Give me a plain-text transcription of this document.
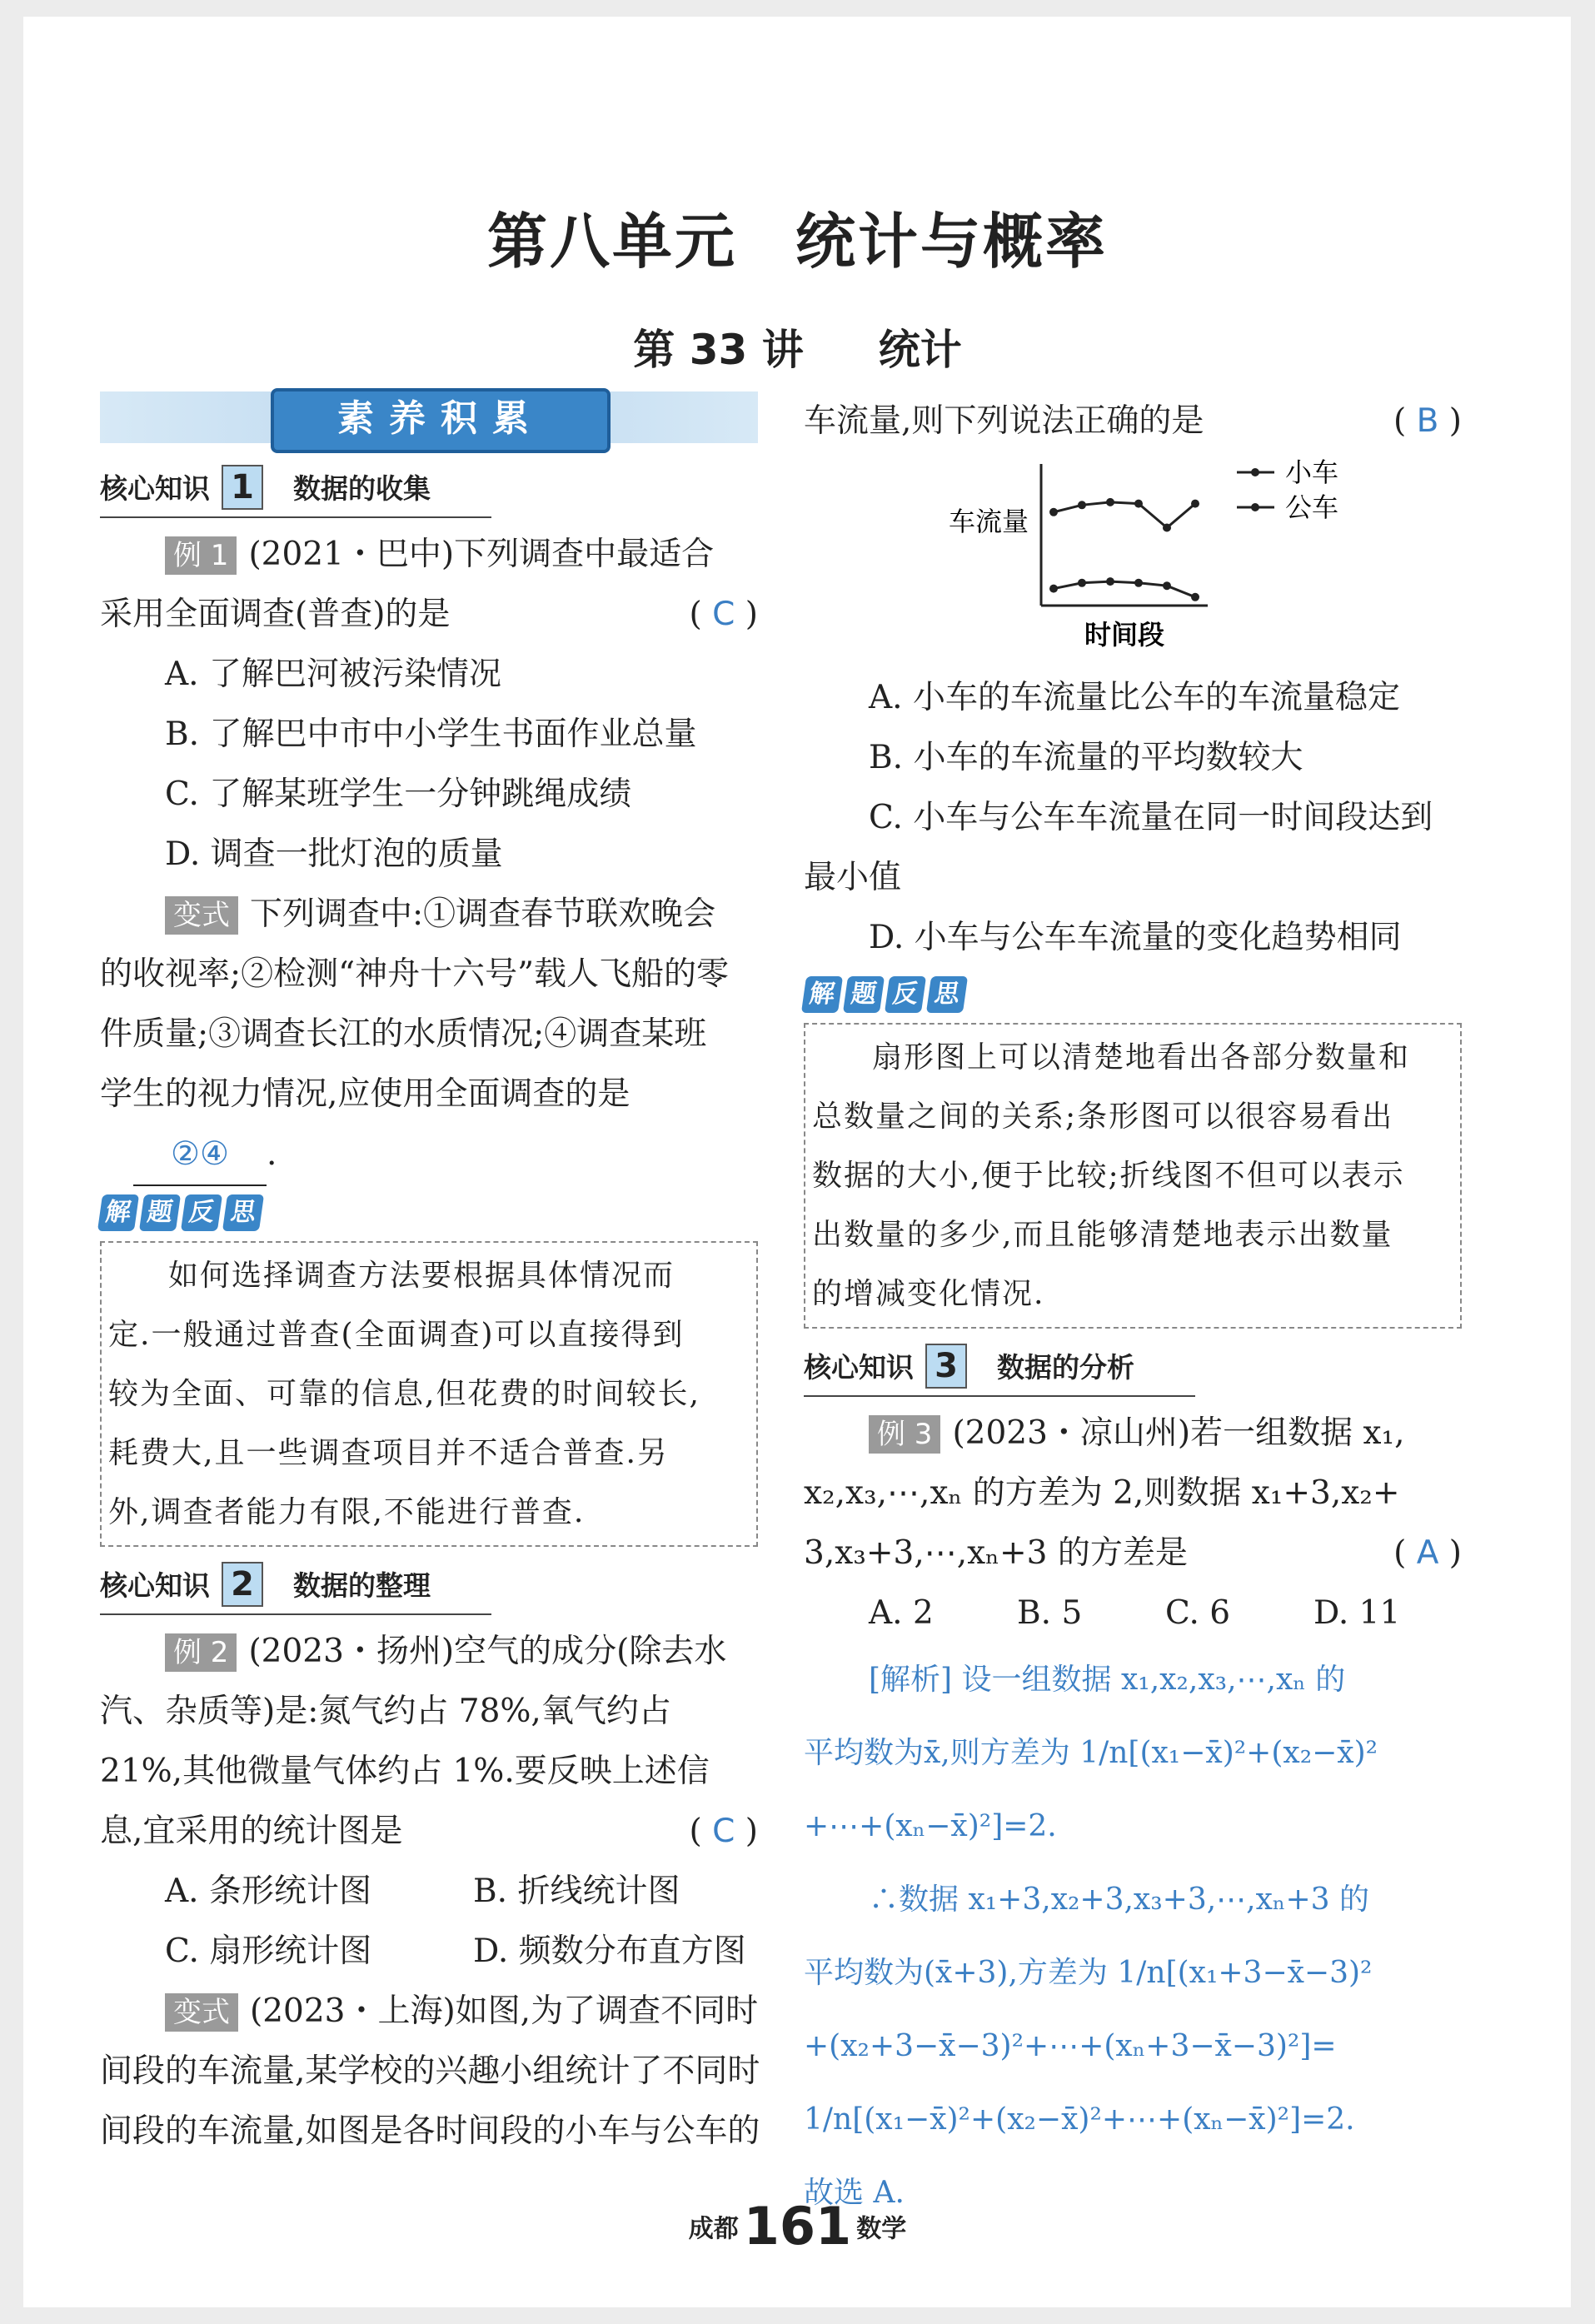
第八单元 统计与概率
第 33 讲 统计
素养积累
核心知识 1 数据的收集
例 1 (2021・巴中)下列调查中最适合
采用全面调查(普查)的是	( C )
A. 了解巴河被污染情况
B. 了解巴中市中小学生书面作业总量
C. 了解某班学生一分钟跳绳成绩
D. 调查一批灯泡的质量
变式 下列调查中:①调查春节联欢晚会
的收视率;②检测“神舟十六号”载人飞船的零
件质量;③调查长江的水质情况;④调查某班
学生的视力情况,应使用全面调查的是
②④ .
解 题 反 思
如何选择调查方法要根据具体情况而
定.一般通过普查(全面调查)可以直接得到
较为全面、可靠的信息,但花费的时间较长,
耗费大,且一些调查项目并不适合普查.另
外,调查者能力有限,不能进行普查.
核心知识 2 数据的整理
例 2 (2023・扬州)空气的成分(除去水
汽、杂质等)是:氮气约占 78%,氧气约占
21%,其他微量气体约占 1%.要反映上述信
息,宜采用的统计图是	( C )
A. 条形统计图	B. 折线统计图
C. 扇形统计图	D. 频数分布直方图
变式 (2023・上海)如图,为了调查不同时
间段的车流量,某学校的兴趣小组统计了不同时
间段的车流量,如图是各时间段的小车与公车的
车流量,则下列说法正确的是	( B )
车流量
时间段
小车
公车
A. 小车的车流量比公车的车流量稳定
B. 小车的车流量的平均数较大
C. 小车与公车车流量在同一时间段达到
最小值
D. 小车与公车车流量的变化趋势相同
解 题 反 思
扇形图上可以清楚地看出各部分数量和
总数量之间的关系;条形图可以很容易看出
数据的大小,便于比较;折线图不但可以表示
出数量的多少,而且能够清楚地表示出数量
的增减变化情况.
核心知识 3 数据的分析
例 3 (2023・凉山州)若一组数据 x₁,
x₂,x₃,⋯,xₙ 的方差为 2,则数据 x₁+3,x₂+
3,x₃+3,⋯,xₙ+3 的方差是	( A )
A. 2	B. 5	C. 6	D. 11
[解析] 设一组数据 x₁,x₂,x₃,⋯,xₙ 的
平均数为x̄,则方差为 1/n[(x₁−x̄)²+(x₂−x̄)²
+⋯+(xₙ−x̄)²]=2.
∴数据 x₁+3,x₂+3,x₃+3,⋯,xₙ+3 的
平均数为(x̄+3),方差为 1/n[(x₁+3−x̄−3)²
+(x₂+3−x̄−3)²+⋯+(xₙ+3−x̄−3)²]=
1/n[(x₁−x̄)²+(x₂−x̄)²+⋯+(xₙ−x̄)²]=2.
故选 A.
成都161 数学
